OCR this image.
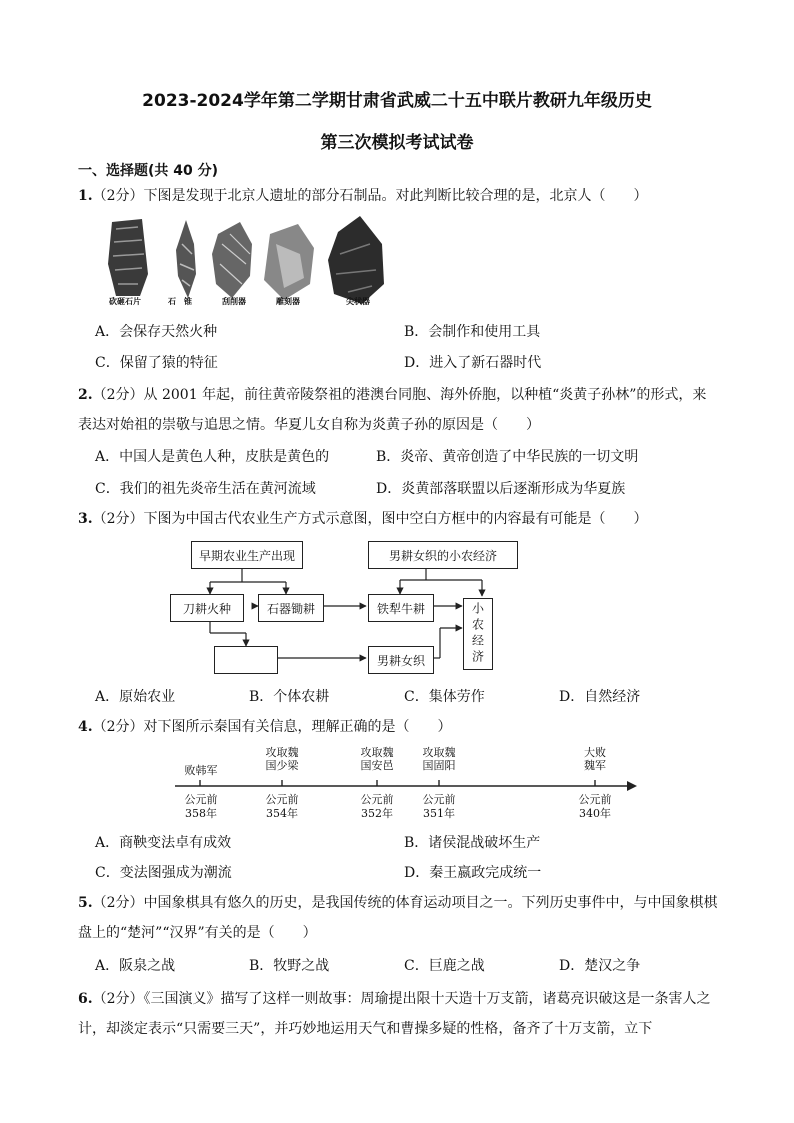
2023-2024学年第二学期甘肃省武威二十五中联片教研九年级历史
第三次模拟考试试卷
一、选择题(共 40 分)
1.（2分）下图是发现于北京人遗址的部分石制品。对此判断比较合理的是，北京人（　　）
砍砸石片	石　锥	刮削器	雕刻器	尖状器
A．会保存天然火种	B．会制作和使用工具
C．保留了猿的特征	D．进入了新石器时代
2.（2分）从 2001 年起，前往黄帝陵祭祖的港澳台同胞、海外侨胞，以种植“炎黄子孙林”的形式，来表达对始祖的崇敬与追思之情。华夏儿女自称为炎黄子孙的原因是（　　）
A．中国人是黄色人种，皮肤是黄色的	B．炎帝、黄帝创造了中华民族的一切文明
C．我们的祖先炎帝生活在黄河流域	D．炎黄部落联盟以后逐渐形成为华夏族
3.（2分）下图为中国古代农业生产方式示意图，图中空白方框中的内容最有可能是（　　）
早期农业生产出现	男耕女织的小农经济
刀耕火种	石器锄耕	铁犁牛耕
男耕女织	小农经济
A．原始农业	B．个体农耕	C．集体劳作	D．自然经济
4.（2分）对下图所示秦国有关信息，理解正确的是（　　）
败韩军
攻取魏
国少梁
攻取魏
国安邑
攻取魏
国固阳
大败
魏军
公元前
358年
公元前
354年
公元前
352年
公元前
351年
公元前
340年
A．商鞅变法卓有成效	B．诸侯混战破坏生产
C．变法图强成为潮流	D．秦王嬴政完成统一
5.（2分）中国象棋具有悠久的历史，是我国传统的体育运动项目之一。下列历史事件中，与中国象棋棋盘上的“楚河”“汉界”有关的是（　　）
A．阪泉之战	B．牧野之战	C．巨鹿之战	D．楚汉之争
6.（2分）《三国演义》描写了这样一则故事：周瑜提出限十天造十万支箭，诸葛亮识破这是一条害人之计，却淡定表示“只需要三天”，并巧妙地运用天气和曹操多疑的性格，备齐了十万支箭，立下
